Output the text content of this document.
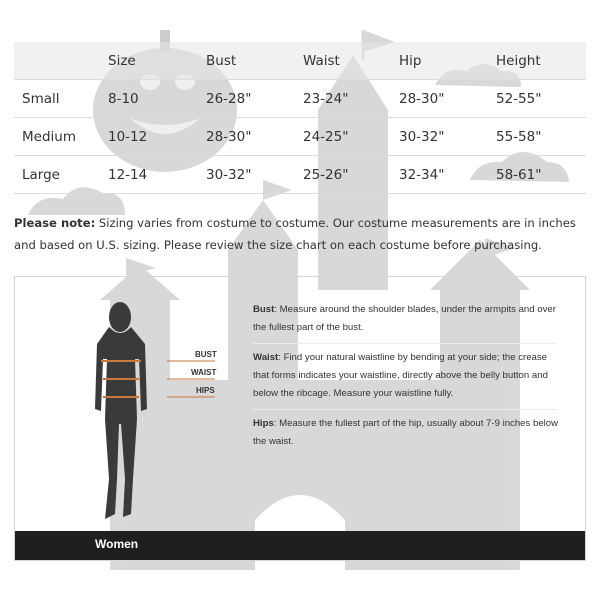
	Size	Bust	Waist	Hip	Height
Small	8-10	26-28"	23-24"	28-30"	52-55"
Medium	10-12	28-30"	24-25"	30-32"	55-58"
Large	12-14	30-32"	25-26"	32-34"	58-61"
Please note: Sizing varies from costume to costume. Our costume measurements are in inches and based on U.S. sizing. Please review the size chart on each costume before purchasing.
BUST
WAIST
HIPS
Bust: Measure around the shoulder blades, under the armpits and over the fullest part of the bust.
Waist: Find your natural waistline by bending at your side; the crease that forms indicates your waistline, directly above the belly button and below the ribcage. Measure your waistline fully.
Hips: Measure the fullest part of the hip, usually about 7-9 inches below the waist.
Women
